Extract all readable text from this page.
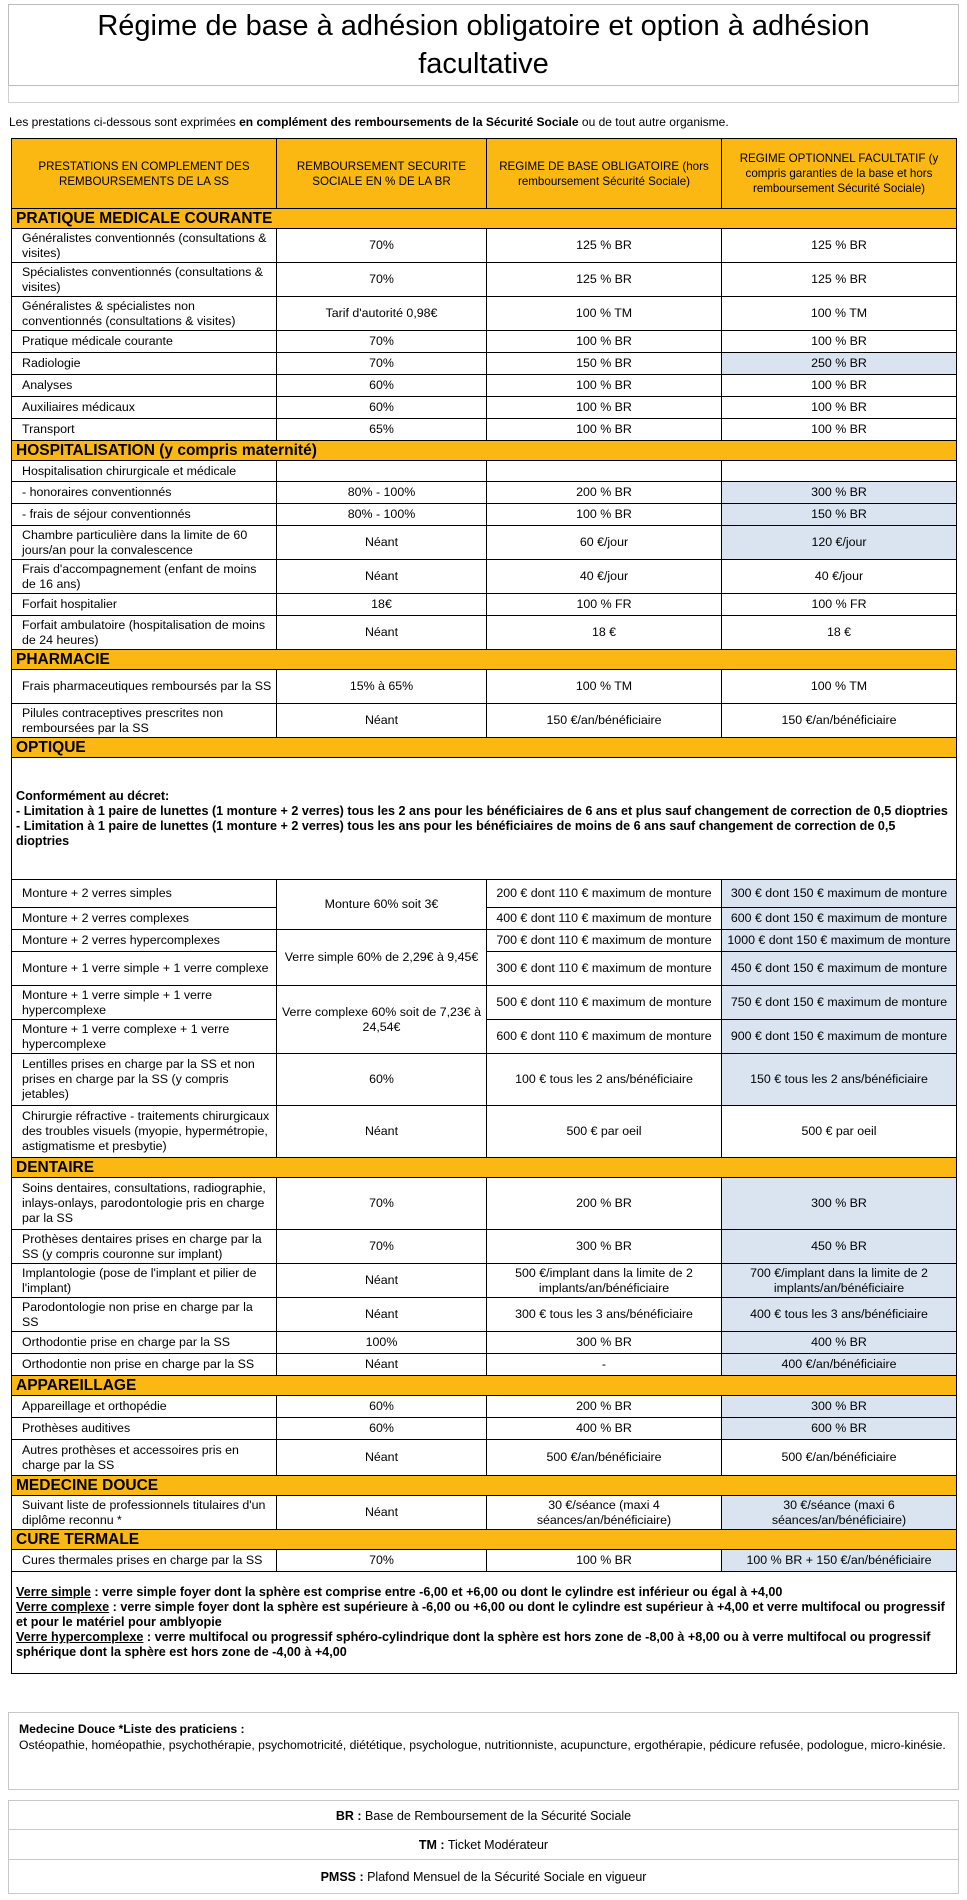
Régime de base à adhésion obligatoire et option à adhésion facultative
Les prestations ci-dessous sont exprimées en complément des remboursements de la Sécurité Sociale ou de tout autre organisme.
PRESTATIONS EN COMPLEMENT DES REMBOURSEMENTS DE LA SS	REMBOURSEMENT SECURITE SOCIALE EN % DE LA BR	REGIME DE BASE OBLIGATOIRE (hors remboursement Sécurité Sociale)	REGIME OPTIONNEL FACULTATIF (y compris garanties de la base et hors remboursement Sécurité Sociale)
PRATIQUE MEDICALE COURANTE			
Généralistes conventionnés (consultations & visites)	70%	125 % BR	125 % BR
Spécialistes conventionnés (consultations & visites)	70%	125 % BR	125 % BR
Généralistes & spécialistes non conventionnés (consultations & visites)	Tarif d'autorité 0,98€	100 % TM	100 % TM
Pratique médicale courante	70%	100 % BR	100 % BR
Radiologie	70%	150 % BR	250 % BR
Analyses	60%	100 % BR	100 % BR
Auxiliaires médicaux	60%	100 % BR	100 % BR
Transport	65%	100 % BR	100 % BR
HOSPITALISATION (y compris maternité)			
Hospitalisation chirurgicale et médicale			
- honoraires conventionnés	80% - 100%	200 % BR	300 % BR
- frais de séjour conventionnés	80% - 100%	100 % BR	150 % BR
Chambre particulière dans la limite de 60 jours/an pour la convalescence	Néant	60 €/jour	120 €/jour
Frais d'accompagnement (enfant de moins de 16 ans)	Néant	40 €/jour	40 €/jour
Forfait hospitalier	18€	100 % FR	100 % FR
Forfait ambulatoire (hospitalisation de moins de 24 heures)	Néant	18 €	18 €
PHARMACIE			
Frais pharmaceutiques remboursés par la SS	15% à 65%	100 % TM	100 % TM
Pilules contraceptives prescrites non remboursées par la SS	Néant	150 €/an/bénéficiaire	150 €/an/bénéficiaire
OPTIQUE			

Conformément au décret:
- Limitation à 1 paire de lunettes (1 monture + 2 verres) tous les 2 ans pour les bénéficiaires de 6 ans et plus sauf changement de correction de 0,5 dioptries
- Limitation à 1 paire de lunettes (1 monture + 2 verres) tous les ans pour les bénéficiaires de moins de 6 ans sauf changement de correction de 0,5 dioptries			

Monture + 2 verres simples	Monture 60% soit 3€	200 € dont 110 € maximum de monture	300 € dont 150 € maximum de monture
Monture + 2 verres complexes		400 € dont 110 € maximum de monture	600 € dont 150 € maximum de monture
Monture + 2 verres hypercomplexes	Verre simple 60% de 2,29€ à 9,45€	700 € dont 110 € maximum de monture	1000 € dont 150 € maximum de monture
Monture + 1 verre simple + 1 verre complexe		300 € dont 110 € maximum de monture	450 € dont 150 € maximum de monture
Monture + 1 verre simple + 1 verre hypercomplexe	Verre complexe 60% soit de 7,23€ à 24,54€	500 € dont 110 € maximum de monture	750 € dont 150 € maximum de monture
Monture + 1 verre complexe + 1 verre hypercomplexe		600 € dont 110 € maximum de monture	900 € dont 150 € maximum de monture
Lentilles prises en charge par la SS et non prises en charge par la SS (y compris jetables)	60%	100 € tous les 2 ans/bénéficiaire	150 € tous les 2 ans/bénéficiaire
Chirurgie réfractive - traitements chirurgicaux des troubles visuels (myopie, hypermétropie, astigmatisme et presbytie)	Néant	500 € par oeil	500 € par oeil
DENTAIRE			
Soins dentaires, consultations, radiographie, inlays-onlays, parodontologie pris en charge par la SS	70%	200 % BR	300 % BR
Prothèses dentaires prises en charge par la SS (y compris couronne sur implant)	70%	300 % BR	450 % BR
Implantologie (pose de l'implant et pilier de l'implant)	Néant	500 €/implant dans la limite de 2 implants/an/bénéficiaire	700 €/implant dans la limite de 2 implants/an/bénéficiaire
Parodontologie non prise en charge par la SS	Néant	300 € tous les 3 ans/bénéficiaire	400 € tous les 3 ans/bénéficiaire
Orthodontie prise en charge par la SS	100%	300 % BR	400 % BR
Orthodontie non prise en charge par la SS	Néant	-	400 €/an/bénéficiaire
APPAREILLAGE			
Appareillage et orthopédie	60%	200 % BR	300 % BR
Prothèses auditives	60%	400 % BR	600 % BR
Autres prothèses et accessoires pris en charge par la SS	Néant	500 €/an/bénéficiaire	500 €/an/bénéficiaire
MEDECINE DOUCE			
Suivant liste de professionnels titulaires d'un diplôme reconnu *	Néant	30 €/séance (maxi 4 séances/an/bénéficiaire)	30 €/séance (maxi 6 séances/an/bénéficiaire)
CURE TERMALE			
Cures thermales prises en charge par la SS	70%	100 % BR	100 % BR + 150 €/an/bénéficiaire

Verre simple : verre simple foyer dont la sphère est comprise entre -6,00 et +6,00 ou dont le cylindre est inférieur ou égal à +4,00
Verre complexe : verre simple foyer dont la sphère est supérieure à -6,00 ou +6,00 ou dont le cylindre est supérieur à +4,00 et verre multifocal ou progressif et pour le matériel pour amblyopie
Verre hypercomplexe : verre multifocal ou progressif sphéro-cylindrique dont la sphère est hors zone de -8,00 à +8,00 ou à verre multifocal ou progressif sphérique dont la sphère est hors zone de -4,00 à +4,00			
Medecine Douce *Liste des praticiens :
Ostéopathie, homéopathie, psychothérapie, psychomotricité, diététique, psychologue, nutritionniste, acupuncture, ergothérapie, pédicure refusée, podologue, micro-kinésie.
BR : Base de Remboursement de la Sécurité Sociale
TM : Ticket Modérateur
PMSS : Plafond Mensuel de la Sécurité Sociale en vigueur
